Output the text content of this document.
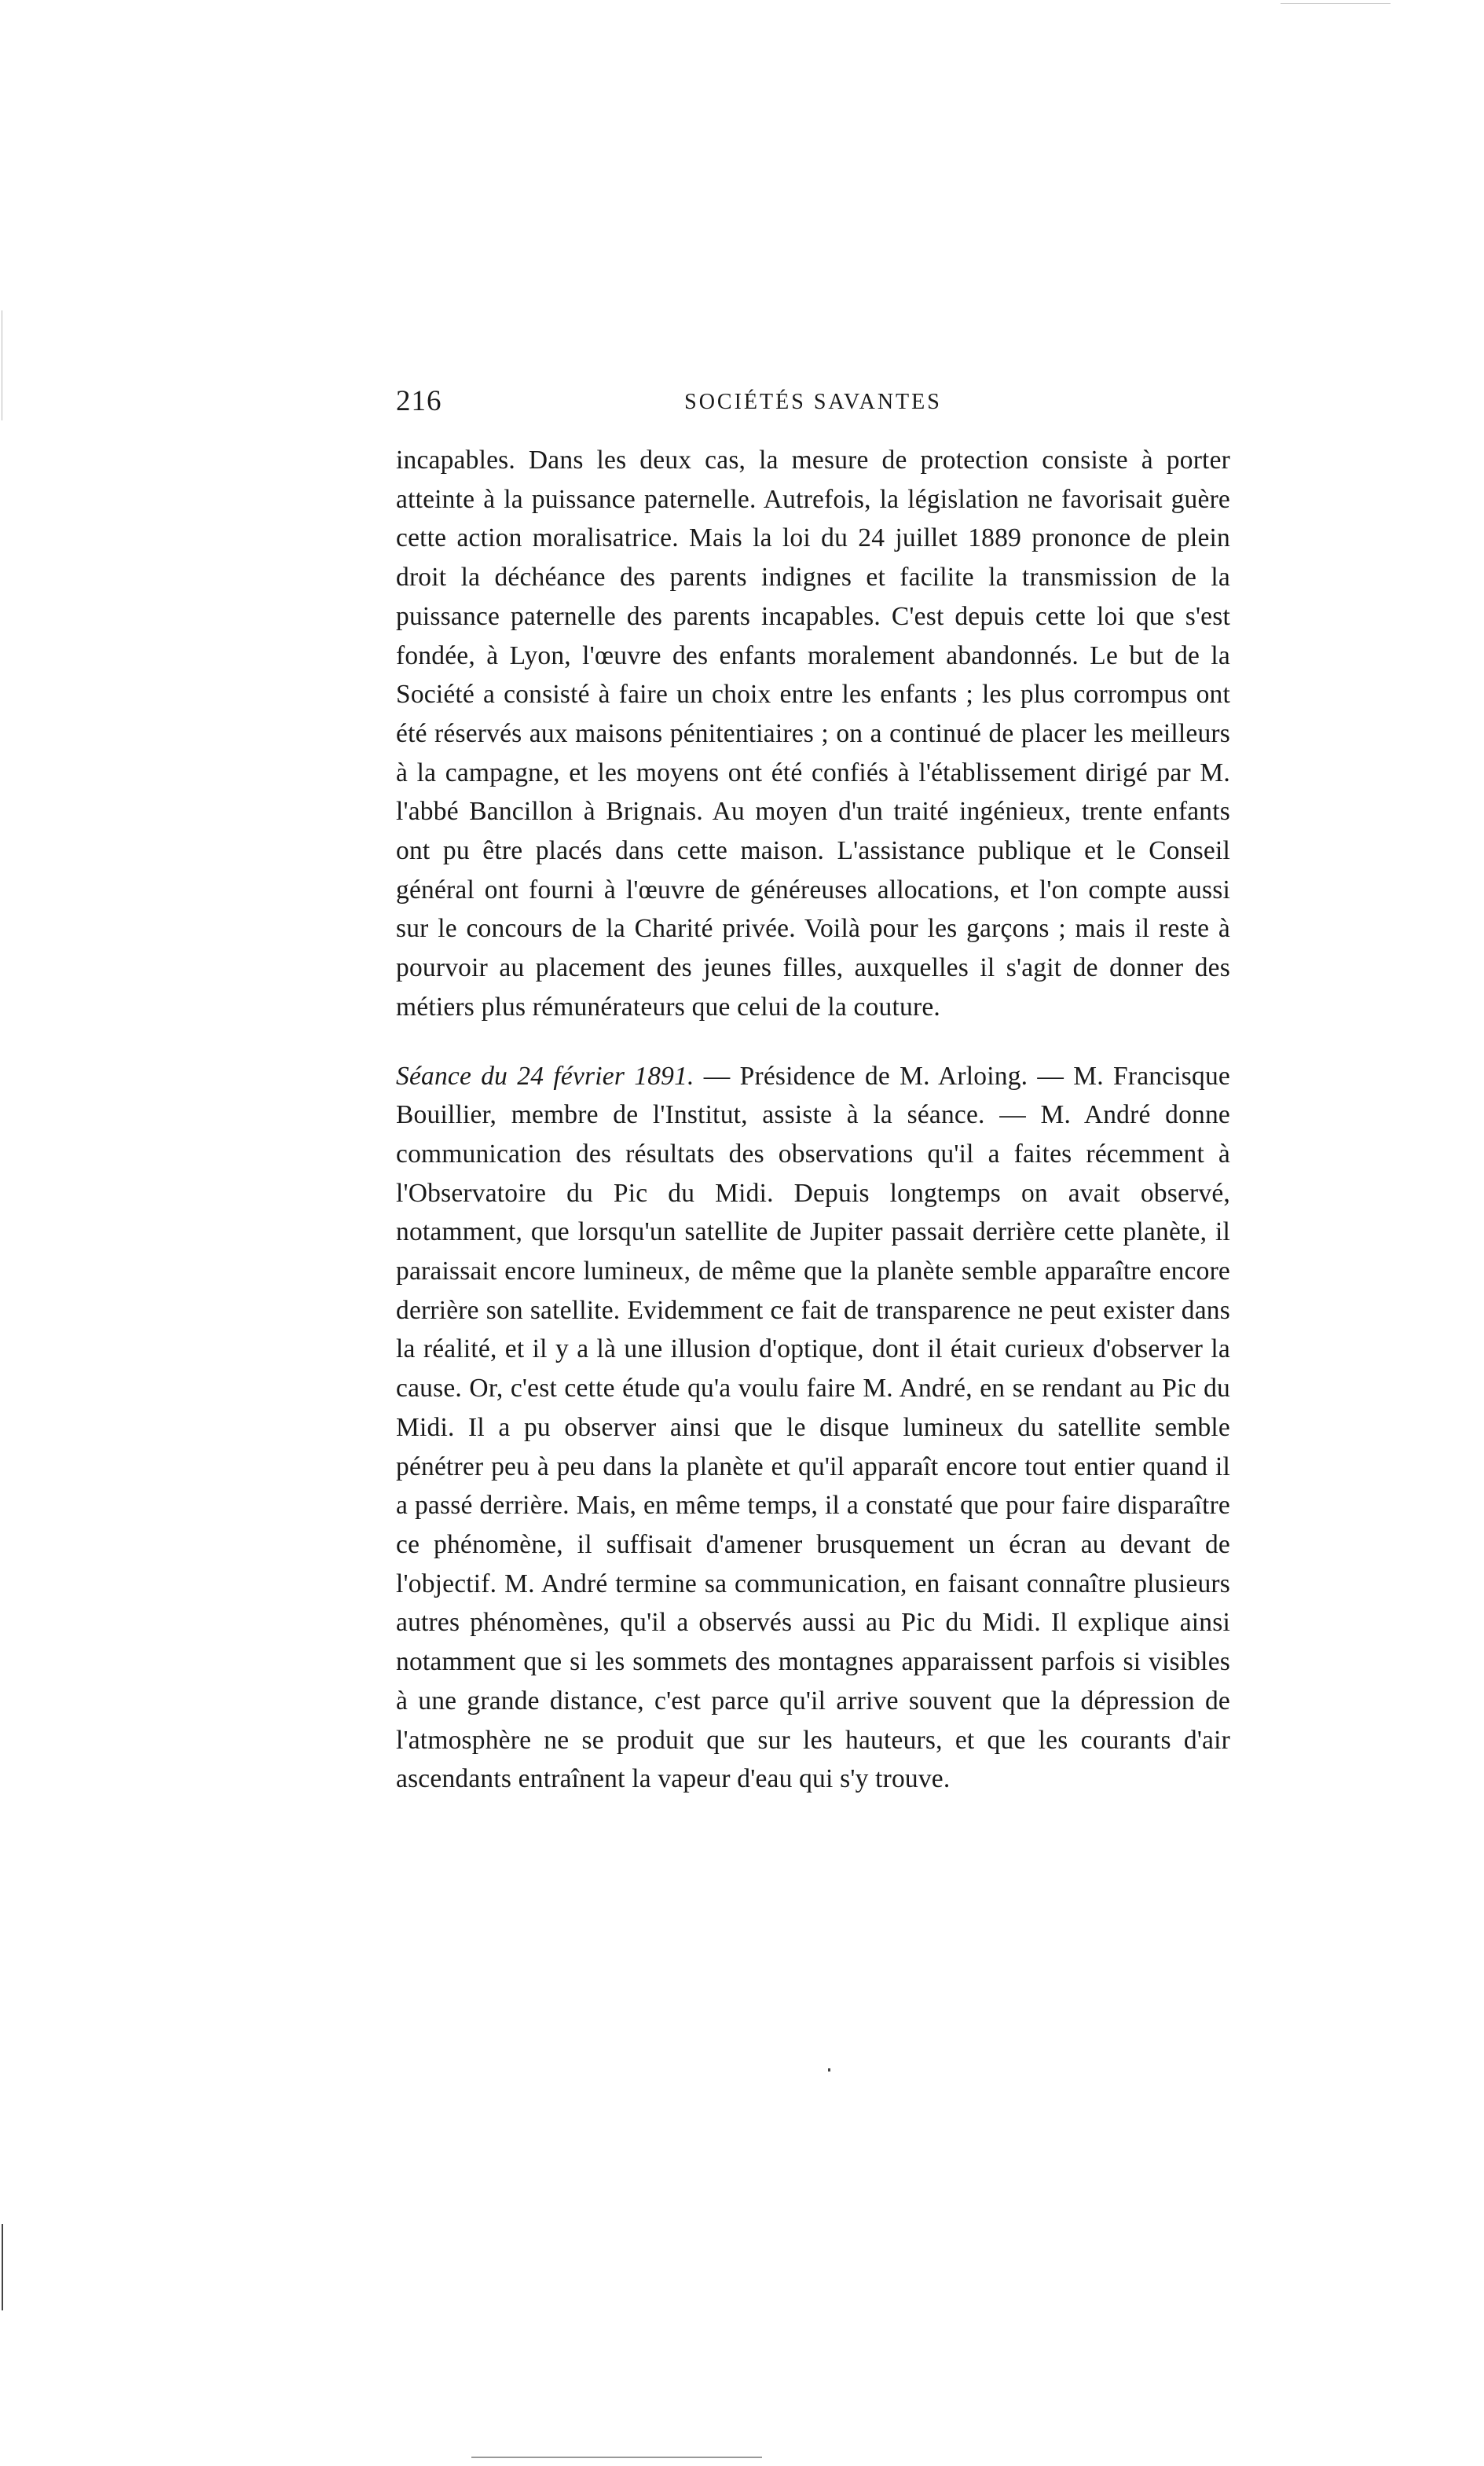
216	SOCIÉTÉS SAVANTES

incapables. Dans les deux cas, la mesure de protection consiste à porter atteinte à la puissance paternelle. Autrefois, la législation ne favorisait guère cette action moralisatrice. Mais la loi du 24 juillet 1889 prononce de plein droit la déchéance des parents indignes et facilite la transmission de la puissance paternelle des parents incapables. C'est depuis cette loi que s'est fondée, à Lyon, l'œuvre des enfants moralement abandonnés. Le but de la Société a consisté à faire un choix entre les enfants ; les plus corrompus ont été réservés aux maisons pénitentiaires ; on a continué de placer les meilleurs à la campagne, et les moyens ont été confiés à l'établissement dirigé par M. l'abbé Bancillon à Brignais. Au moyen d'un traité ingénieux, trente enfants ont pu être placés dans cette maison. L'assistance publique et le Conseil général ont fourni à l'œuvre de généreuses allocations, et l'on compte aussi sur le concours de la Charité privée. Voilà pour les garçons ; mais il reste à pourvoir au placement des jeunes filles, auxquelles il s'agit de donner des métiers plus rémunérateurs que celui de la couture.

Séance du 24 février 1891. — Présidence de M. Arloing. — M. Francisque Bouillier, membre de l'Institut, assiste à la séance. — M. André donne communication des résultats des observations qu'il a faites récemment à l'Observatoire du Pic du Midi. Depuis longtemps on avait observé, notamment, que lorsqu'un satellite de Jupiter passait derrière cette planète, il paraissait encore lumineux, de même que la planète semble apparaître encore derrière son satellite. Evidemment ce fait de transparence ne peut exister dans la réalité, et il y a là une illusion d'optique, dont il était curieux d'observer la cause. Or, c'est cette étude qu'a voulu faire M. André, en se rendant au Pic du Midi. Il a pu observer ainsi que le disque lumineux du satellite semble pénétrer peu à peu dans la planète et qu'il apparaît encore tout entier quand il a passé derrière. Mais, en même temps, il a constaté que pour faire disparaître ce phénomène, il suffisait d'amener brusquement un écran au devant de l'objectif. M. André termine sa communication, en faisant connaître plusieurs autres phénomènes, qu'il a observés aussi au Pic du Midi. Il explique ainsi notamment que si les sommets des montagnes apparaissent parfois si visibles à une grande distance, c'est parce qu'il arrive souvent que la dépression de l'atmosphère ne se produit que sur les hauteurs, et que les courants d'air ascendants entraînent la vapeur d'eau qui s'y trouve.
